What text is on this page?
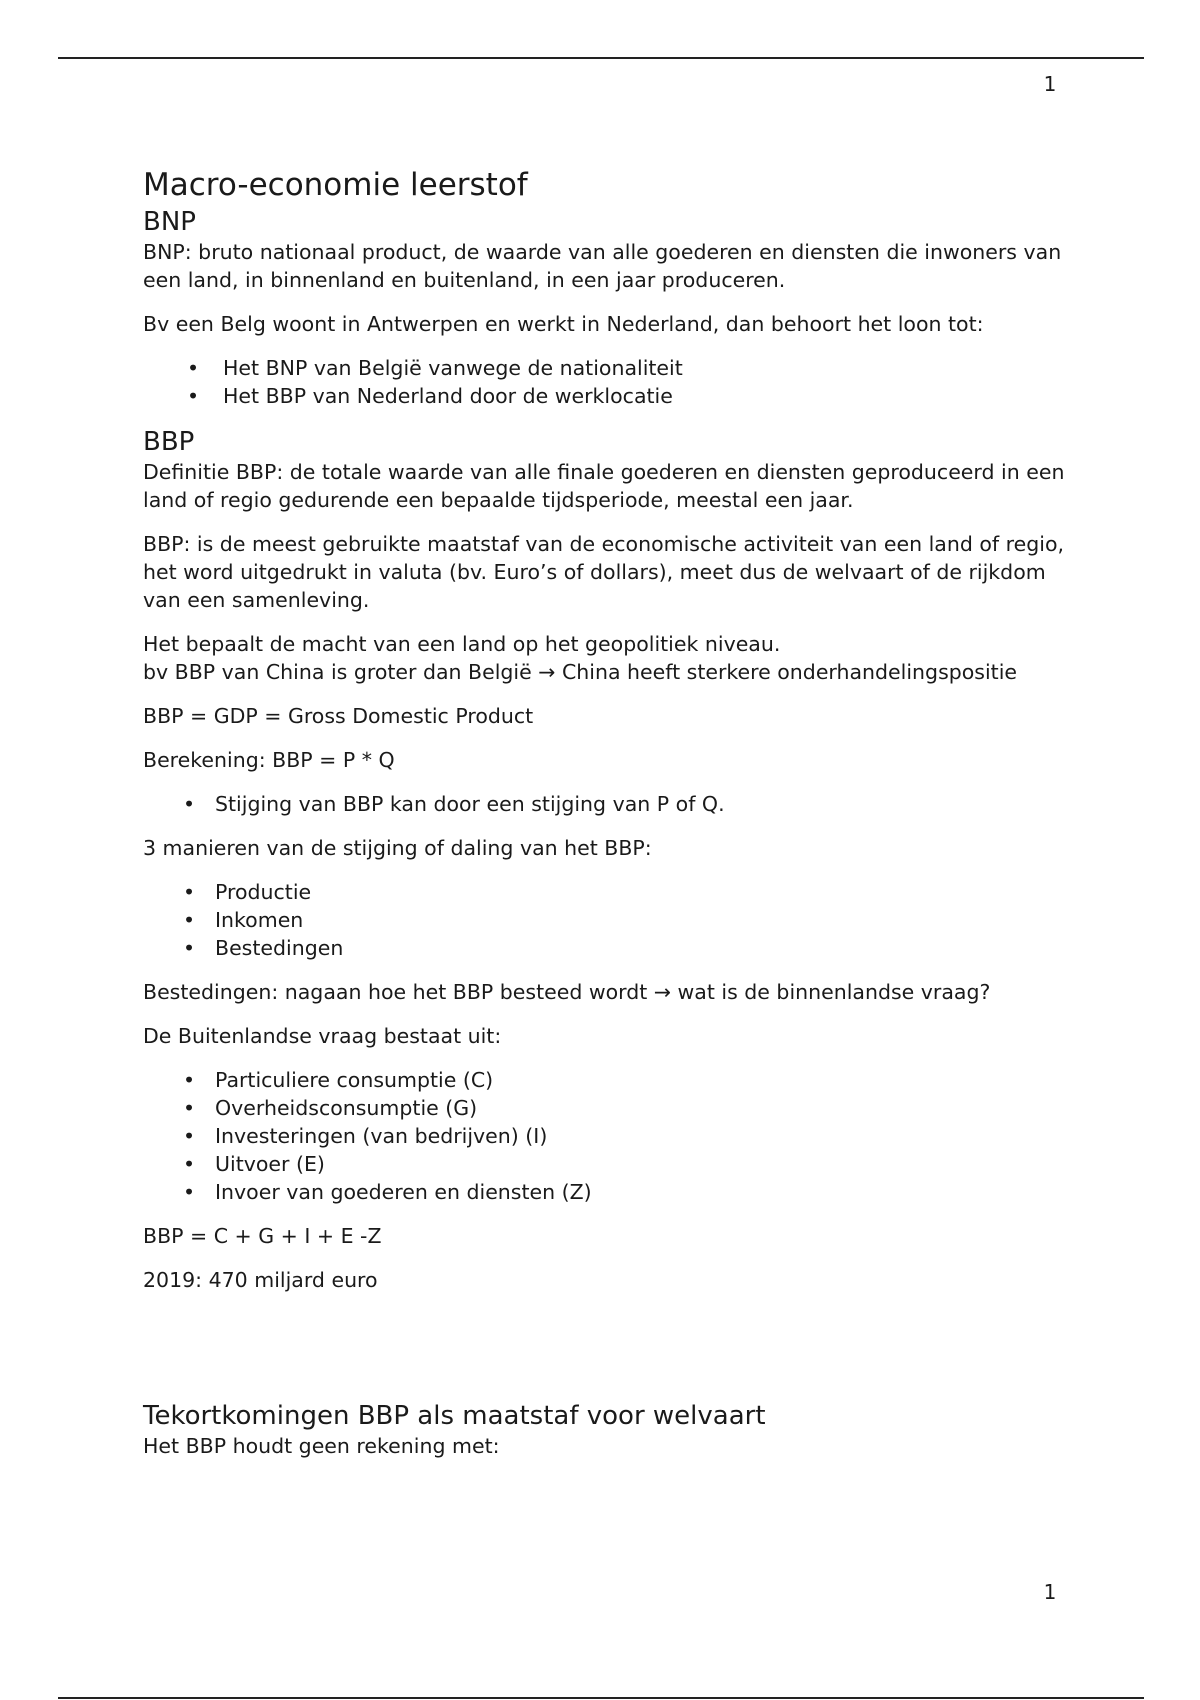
1
Macro-economie leerstof
BNP

BNP: bruto nationaal product, de waarde van alle goederen en diensten die inwoners van een land, in binnenland en buitenland, in een jaar produceren.

Bv een Belg woont in Antwerpen en werkt in Nederland, dan behoort het loon tot:

• Het BNP van België vanwege de nationaliteit
• Het BBP van Nederland door de werklocatie
BBP

Definitie BBP: de totale waarde van alle finale goederen en diensten geproduceerd in een land of regio gedurende een bepaalde tijdsperiode, meestal een jaar.

BBP: is de meest gebruikte maatstaf van de economische activiteit van een land of regio, het word uitgedrukt in valuta (bv. Euro’s of dollars), meet dus de welvaart of de rijkdom van een samenleving.

Het bepaalt de macht van een land op het geopolitiek niveau.

bv BBP van China is groter dan België → China heeft sterkere onderhandelingspositie

BBP = GDP = Gross Domestic Product

Berekening: BBP = P * Q

• Stijging van BBP kan door een stijging van P of Q.

3 manieren van de stijging of daling van het BBP:

• Productie
• Inkomen
• Bestedingen

Bestedingen: nagaan hoe het BBP besteed wordt → wat is de binnenlandse vraag?

De Buitenlandse vraag bestaat uit:

• Particuliere consumptie (C)
• Overheidsconsumptie (G)
• Investeringen (van bedrijven) (I)
• Uitvoer (E)
• Invoer van goederen en diensten (Z)

BBP = C + G + I + E -Z

2019: 470 miljard euro

Tekortkomingen BBP als maatstaf voor welvaart

Het BBP houdt geen rekening met:

1
